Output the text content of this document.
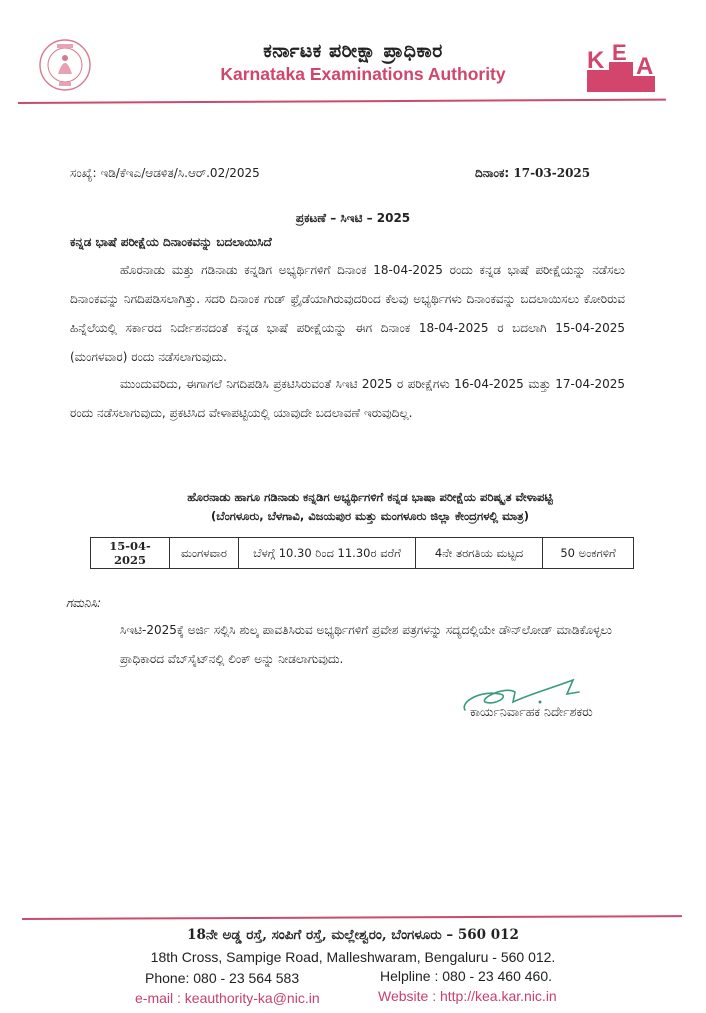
ಕರ್ನಾಟಕ ಪರೀಕ್ಷಾ ಪ್ರಾಧಿಕಾರ
Karnataka Examinations Authority	K E
A
ಸಂಖ್ಯೆ: ಇಡಿ/ಕೆಇಎ/ಆಡಳಿತ/ಸಿ.ಆರ್.02/2025	ದಿನಾಂಕ: 17-03-2025
ಪ್ರಕಟಣೆ – ಸಿಇಟಿ – 2025
ಕನ್ನಡ ಭಾಷೆ ಪರೀಕ್ಷೆಯ ದಿನಾಂಕವನ್ನು ಬದಲಾಯಿಸಿದೆ
ಹೊರನಾಡು ಮತ್ತು ಗಡಿನಾಡು ಕನ್ನಡಿಗ ಅಭ್ಯರ್ಥಿಗಳಿಗೆ ದಿನಾಂಕ 18-04-2025 ರಂದು ಕನ್ನಡ ಭಾಷೆ ಪರೀಕ್ಷೆಯನ್ನು ನಡೆಸಲು ದಿನಾಂಕವನ್ನು ನಿಗದಿಪಡಿಸಲಾಗಿತ್ತು. ಸದರಿ ದಿನಾಂಕ ಗುಡ್ ಫ್ರೈಡೆಯಾಗಿರುವುದರಿಂದ ಕೆಲವು ಅಭ್ಯರ್ಥಿಗಳು ದಿನಾಂಕವನ್ನು ಬದಲಾಯಿಸಲು ಕೋರಿರುವ ಹಿನ್ನೆಲೆಯಲ್ಲಿ ಸರ್ಕಾರದ ನಿರ್ದೇಶನದಂತೆ ಕನ್ನಡ ಭಾಷೆ ಪರೀಕ್ಷೆಯನ್ನು ಈಗ ದಿನಾಂಕ 18-04-2025 ರ ಬದಲಾಗಿ 15-04-2025 (ಮಂಗಳವಾರ) ರಂದು ನಡೆಸಲಾಗುವುದು.
ಮುಂದುವರಿದು, ಈಗಾಗಲೆ ನಿಗದಿಪಡಿಸಿ ಪ್ರಕಟಿಸಿರುವಂತೆ ಸಿಇಟಿ 2025 ರ ಪರೀಕ್ಷೆಗಳು 16-04-2025 ಮತ್ತು 17-04-2025 ರಂದು ನಡೆಸಲಾಗುವುದು, ಪ್ರಕಟಿಸಿದ ವೇಳಾಪಟ್ಟಿಯಲ್ಲಿ ಯಾವುದೇ ಬದಲಾವಣೆ ಇರುವುದಿಲ್ಲ.
ಹೊರನಾಡು ಹಾಗೂ ಗಡಿನಾಡು ಕನ್ನಡಿಗ ಅಭ್ಯರ್ಥಿಗಳಿಗೆ ಕನ್ನಡ ಭಾಷಾ ಪರೀಕ್ಷೆಯ ಪರಿಷ್ಕೃತ ವೇಳಾಪಟ್ಟಿ
(ಬೆಂಗಳೂರು, ಬೆಳಗಾವಿ, ವಿಜಯಪುರ ಮತ್ತು ಮಂಗಳೂರು ಜಿಲ್ಲಾ ಕೇಂದ್ರಗಳಲ್ಲಿ ಮಾತ್ರ)
15-04-2025	ಮಂಗಳವಾರ	ಬೆಳಗ್ಗೆ 10.30 ರಿಂದ 11.30ರ ವರೆಗೆ	4ನೇ ತರಗತಿಯ ಮಟ್ಟದ	50 ಅಂಕಗಳಿಗೆ
ಗಮನಿಸಿ:
ಸಿಇಟಿ-2025ಕ್ಕೆ ಅರ್ಜಿ ಸಲ್ಲಿಸಿ ಶುಲ್ಕ ಪಾವತಿಸಿರುವ ಅಭ್ಯರ್ಥಿಗಳಿಗೆ ಪ್ರವೇಶ ಪತ್ರಗಳನ್ನು ಸದ್ಯದಲ್ಲಿಯೇ ಡೌನ್‌ಲೋಡ್ ಮಾಡಿಕೊಳ್ಳಲು ಪ್ರಾಧಿಕಾರದ ವೆಬ್‌ಸೈಟ್‌ನಲ್ಲಿ ಲಿಂಕ್ ಅನ್ನು ನೀಡಲಾಗುವುದು.
ಕಾರ್ಯನಿರ್ವಾಹಕ ನಿರ್ದೇಶಕರು
18ನೇ ಅಡ್ಡ ರಸ್ತೆ, ಸಂಪಿಗೆ ರಸ್ತೆ, ಮಲ್ಲೇಶ್ವರಂ, ಬೆಂಗಳೂರು – 560 012
18th Cross, Sampige Road, Malleshwaram, Bengaluru - 560 012.
Phone: 080 - 23 564 583	Helpline : 080 - 23 460 460.
e-mail : keauthority-ka@nic.in	Website : http://kea.kar.nic.in
